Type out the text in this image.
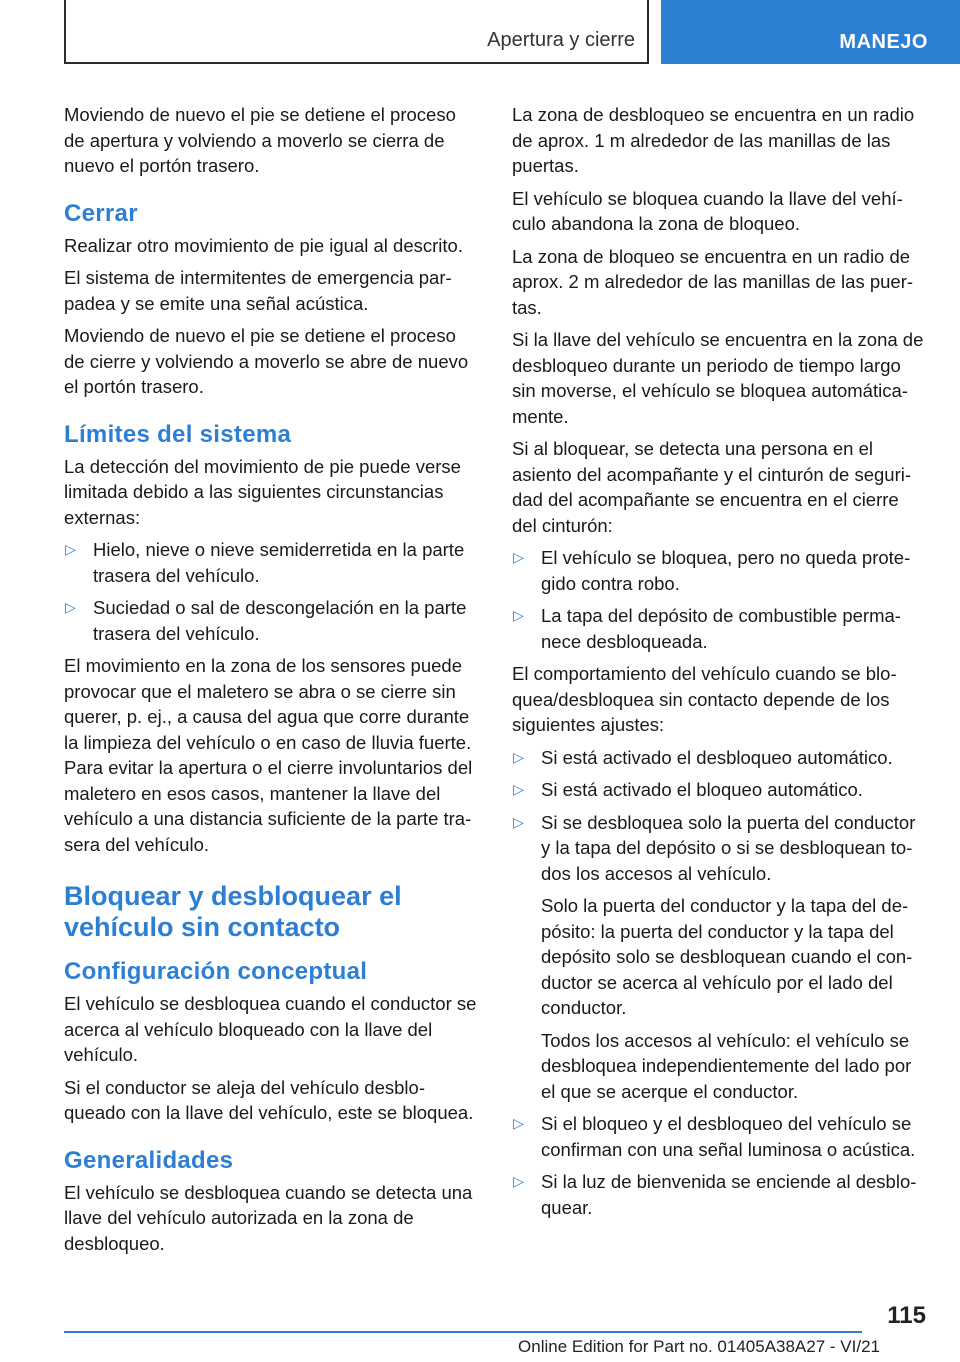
Apertura y cierre	MANEJO

Moviendo de nuevo el pie se detiene el proceso de apertura y volviendo a moverlo se cierra de nuevo el portón trasero.

Cerrar

Realizar otro movimiento de pie igual al descrito.

El sistema de intermitentes de emergencia parpadea y se emite una señal acústica.

Moviendo de nuevo el pie se detiene el proceso de cierre y volviendo a moverlo se abre de nuevo el portón trasero.

Límites del sistema

La detección del movimiento de pie puede verse limitada debido a las siguientes circunstancias externas:

▷ Hielo, nieve o nieve semiderretida en la parte trasera del vehículo.

▷ Suciedad o sal de descongelación en la parte trasera del vehículo.

El movimiento en la zona de los sensores puede provocar que el maletero se abra o se cierre sin querer, p. ej., a causa del agua que corre durante la limpieza del vehículo o en caso de lluvia fuerte. Para evitar la apertura o el cierre involuntarios del maletero en esos casos, mantener la llave del vehículo a una distancia suficiente de la parte trasera del vehículo.

Bloquear y desbloquear el vehículo sin contacto
Configuración conceptual

El vehículo se desbloquea cuando el conductor se acerca al vehículo bloqueado con la llave del vehículo.

Si el conductor se aleja del vehículo desbloqueado con la llave del vehículo, este se bloquea.

Generalidades

El vehículo se desbloquea cuando se detecta una llave del vehículo autorizada en la zona de desbloqueo.

La zona de desbloqueo se encuentra en un radio de aprox. 1 m alrededor de las manillas de las puertas.

El vehículo se bloquea cuando la llave del vehículo abandona la zona de bloqueo.

La zona de bloqueo se encuentra en un radio de aprox. 2 m alrededor de las manillas de las puertas.

Si la llave del vehículo se encuentra en la zona de desbloqueo durante un periodo de tiempo largo sin moverse, el vehículo se bloquea automáticamente.

Si al bloquear, se detecta una persona en el asiento del acompañante y el cinturón de seguridad del acompañante se encuentra en el cierre del cinturón:

▷ El vehículo se bloquea, pero no queda protegido contra robo.

▷ La tapa del depósito de combustible permanece desbloqueada.

El comportamiento del vehículo cuando se bloquea/desbloquea sin contacto depende de los siguientes ajustes:

▷ Si está activado el desbloqueo automático.

▷ Si está activado el bloqueo automático.

▷ Si se desbloquea solo la puerta del conductor y la tapa del depósito o si se desbloquean todos los accesos al vehículo.

Solo la puerta del conductor y la tapa del depósito: la puerta del conductor y la tapa del depósito solo se desbloquean cuando el conductor se acerca al vehículo por el lado del conductor.

Todos los accesos al vehículo: el vehículo se desbloquea independientemente del lado por el que se acerque el conductor.

▷ Si el bloqueo y el desbloqueo del vehículo se confirman con una señal luminosa o acústica.

▷ Si la luz de bienvenida se enciende al desbloquear.

115
Online Edition for Part no. 01405A38A27 - VI/21
